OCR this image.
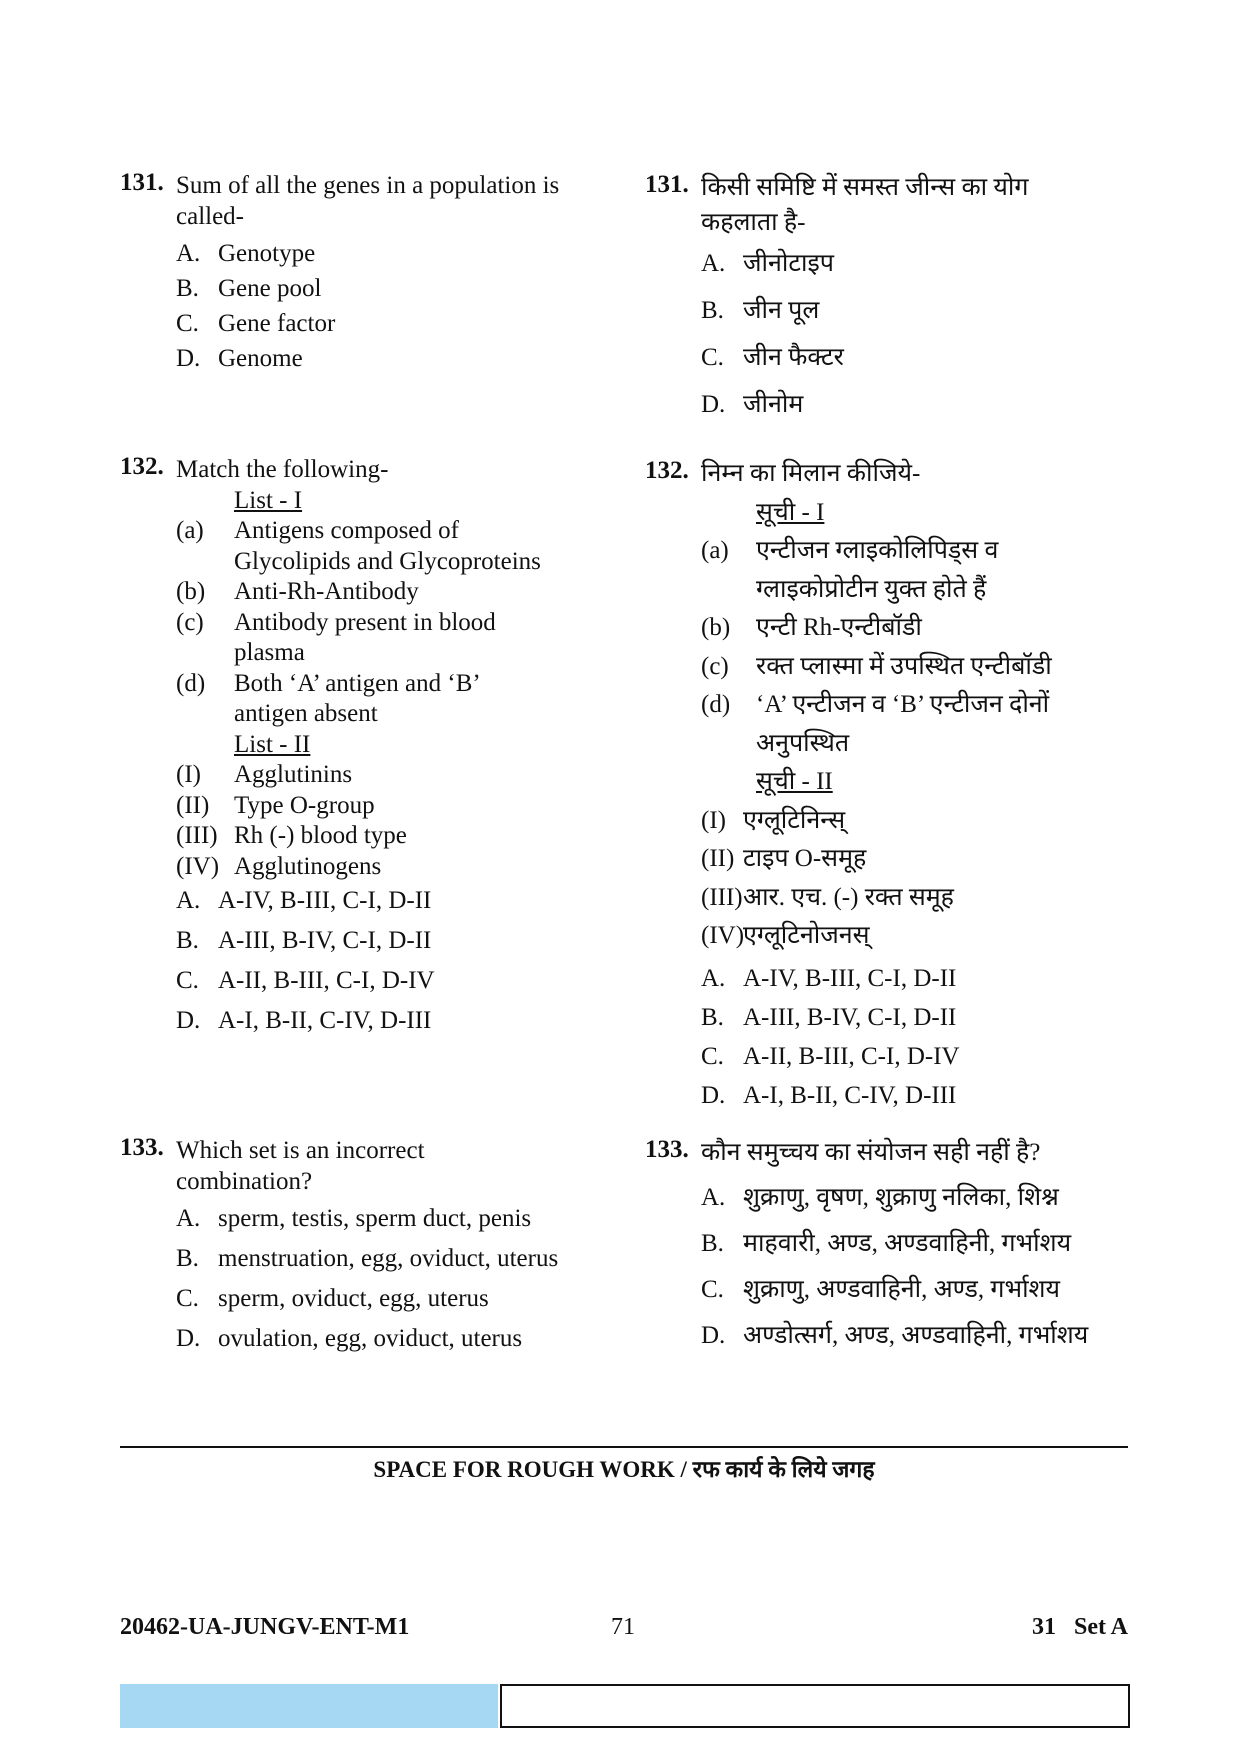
131. Sum of all the genes in a population is called-
A. Genotype
B. Gene pool
C. Gene factor
D. Genome
132. Match the following-
List - I
(a) Antigens composed of Glycolipids and Glycoproteins
(b) Anti-Rh-Antibody
(c) Antibody present in blood plasma
(d) Both ‘A’ antigen and ‘B’ antigen absent
List - II
(I) Agglutinins
(II) Type O-group
(III) Rh (-) blood type
(IV) Agglutinogens
A. A-IV, B-III, C-I, D-II
B. A-III, B-IV, C-I, D-II
C. A-II, B-III, C-I, D-IV
D. A-I, B-II, C-IV, D-III
133. Which set is an incorrect combination?
A. sperm, testis, sperm duct, penis
B. menstruation, egg, oviduct, uterus
C. sperm, oviduct, egg, uterus
D. ovulation, egg, oviduct, uterus
131. किसी समिष्टि में समस्त जीन्स का योग कहलाता है-
A. जीनोटाइप
B. जीन पूल
C. जीन फैक्टर
D. जीनोम
132. निम्न का मिलान कीजिये-
सूची - I
(a) एन्टीजन ग्लाइकोलिपिड्स व ग्लाइकोप्रोटीन युक्त होते हैं
(b) एन्टी Rh-एन्टीबॉडी
(c) रक्त प्लास्मा में उपस्थित एन्टीबॉडी
(d) ‘A’ एन्टीजन व ‘B’ एन्टीजन दोनों अनुपस्थित
सूची - II
(I) एग्लूटिनिन्स्
(II) टाइप O-समूह
(III)आर. एच. (-) रक्त समूह
(IV)एग्लूटिनोजनस्
A. A-IV, B-III, C-I, D-II
B. A-III, B-IV, C-I, D-II
C. A-II, B-III, C-I, D-IV
D. A-I, B-II, C-IV, D-III
133. कौन समुच्चय का संयोजन सही नहीं है?
A. शुक्राणु, वृषण, शुक्राणु नलिका, शिश्न
B. माहवारी, अण्ड, अण्डवाहिनी, गर्भाशय
C. शुक्राणु, अण्डवाहिनी, अण्ड, गर्भाशय
D. अण्डोत्सर्ग, अण्ड, अण्डवाहिनी, गर्भाशय
SPACE FOR ROUGH WORK / रफ कार्य के लिये जगह
20462-UA-JUNGV-ENT-M1	71	31   Set A
